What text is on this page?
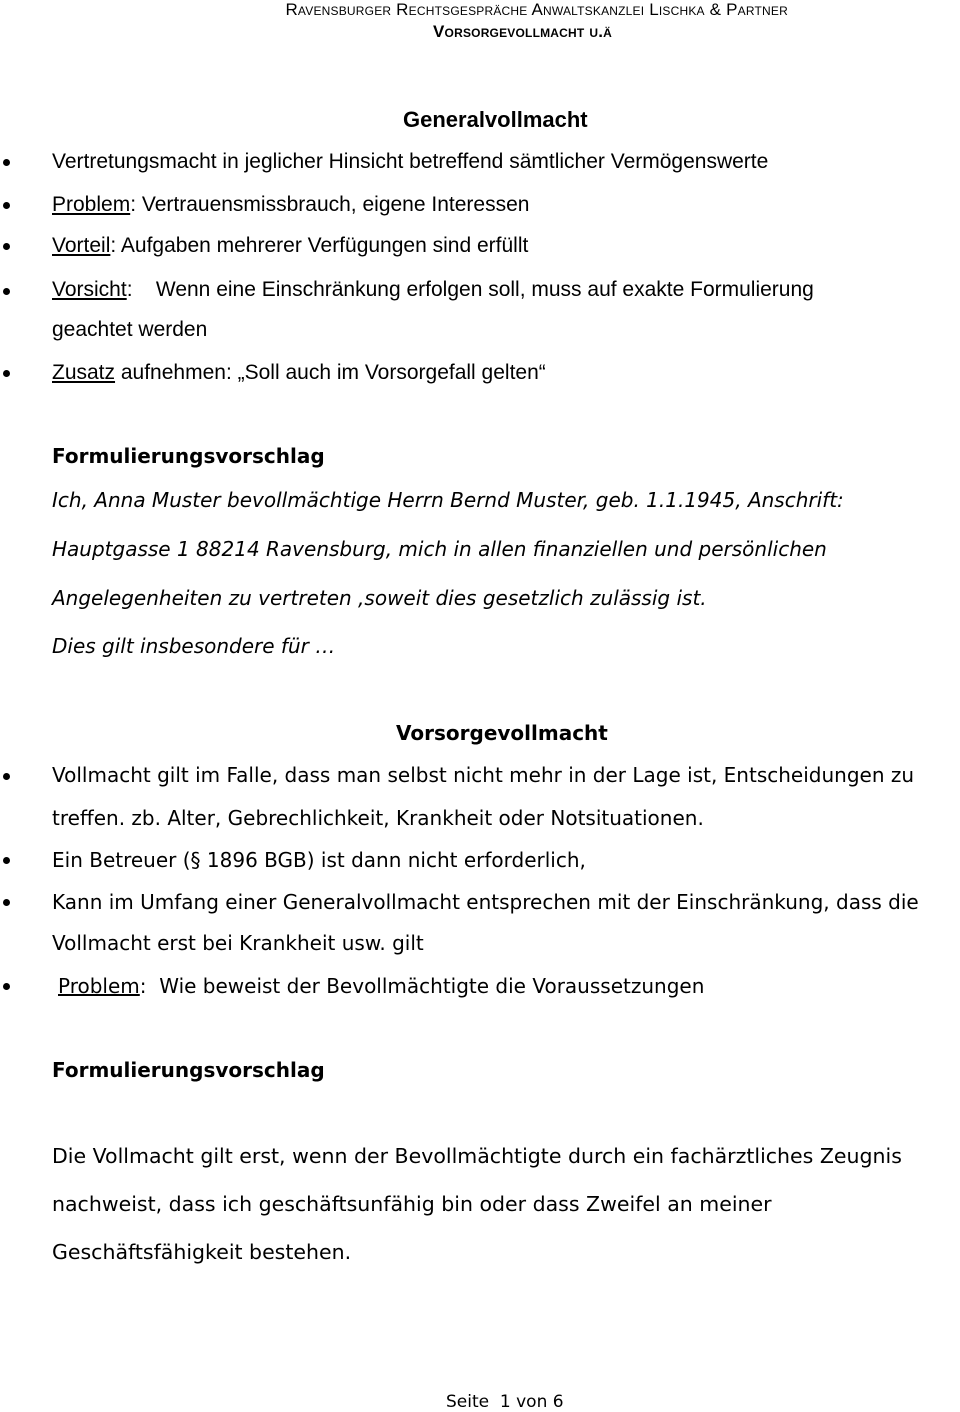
Ravensburger Rechtsgespräche Anwaltskanzlei Lischka & Partner
Vorsorgevollmacht u.ä
Generalvollmacht
Vertretungsmacht in jeglicher Hinsicht betreffend sämtlicher Vermögenswerte
Problem: Vertrauensmissbrauch, eigene Interessen
Vorteil: Aufgaben mehrerer Verfügungen sind erfüllt
Vorsicht:    Wenn eine Einschränkung erfolgen soll, muss auf exakte Formulierung
geachtet werden
Zusatz aufnehmen: „Soll auch im Vorsorgefall gelten“
Formulierungsvorschlag
Ich, Anna Muster bevollmächtige Herrn Bernd Muster, geb. 1.1.1945, Anschrift:
Hauptgasse 1 88214 Ravensburg, mich in allen finanziellen und persönlichen
Angelegenheiten zu vertreten ,soweit dies gesetzlich zulässig ist.
Dies gilt insbesondere für …
Vorsorgevollmacht
Vollmacht gilt im Falle, dass man selbst nicht mehr in der Lage ist, Entscheidungen zu
treffen. zb. Alter, Gebrechlichkeit, Krankheit oder Notsituationen.
Ein Betreuer (§ 1896 BGB) ist dann nicht erforderlich,
Kann im Umfang einer Generalvollmacht entsprechen mit der Einschränkung, dass die
Vollmacht erst bei Krankheit usw. gilt
Problem:  Wie beweist der Bevollmächtigte die Voraussetzungen
Formulierungsvorschlag
Die Vollmacht gilt erst, wenn der Bevollmächtigte durch ein fachärztliches Zeugnis
nachweist, dass ich geschäftsunfähig bin oder dass Zweifel an meiner
Geschäftsfähigkeit bestehen.
Seite  1 von 6
